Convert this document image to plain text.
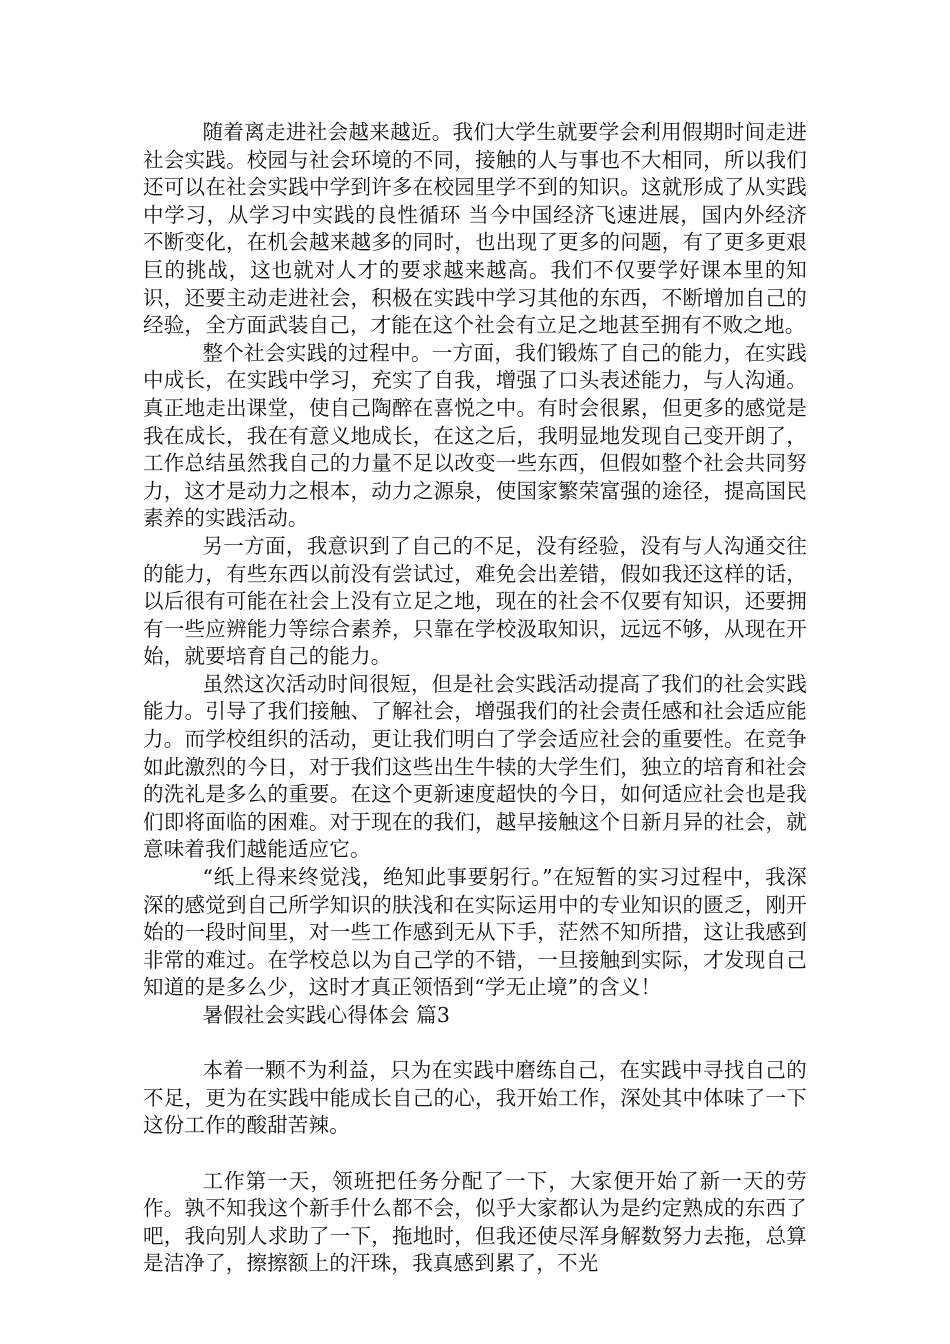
随着离走进社会越来越近。我们大学生就要学会利用假期时间走进社会实践。校园与社会环境的不同，接触的人与事也不大相同，所以我们还可以在社会实践中学到许多在校园里学不到的知识。这就形成了从实践中学习，从学习中实践的良性循环 当今中国经济飞速进展，国内外经济不断变化，在机会越来越多的同时，也出现了更多的问题，有了更多更艰巨的挑战，这也就对人才的要求越来越高。我们不仅要学好课本里的知识，还要主动走进社会，积极在实践中学习其他的东西，不断增加自己的经验，全方面武装自己，才能在这个社会有立足之地甚至拥有不败之地。

整个社会实践的过程中。一方面，我们锻炼了自己的能力，在实践中成长，在实践中学习，充实了自我，增强了口头表述能力，与人沟通。真正地走出课堂，使自己陶醉在喜悦之中。有时会很累，但更多的感觉是我在成长，我在有意义地成长，在这之后，我明显地发现自己变开朗了，工作总结虽然我自己的力量不足以改变一些东西，但假如整个社会共同努力，这才是动力之根本，动力之源泉，使国家繁荣富强的途径，提高国民素养的实践活动。

另一方面，我意识到了自己的不足，没有经验，没有与人沟通交往的能力，有些东西以前没有尝试过，难免会出差错，假如我还这样的话，以后很有可能在社会上没有立足之地，现在的社会不仅要有知识，还要拥有一些应辨能力等综合素养，只靠在学校汲取知识，远远不够，从现在开始，就要培育自己的能力。

虽然这次活动时间很短，但是社会实践活动提高了我们的社会实践能力。引导了我们接触、了解社会，增强我们的社会责任感和社会适应能力。而学校组织的活动，更让我们明白了学会适应社会的重要性。在竞争如此激烈的今日，对于我们这些出生牛犊的大学生们，独立的培育和社会的洗礼是多么的重要。在这个更新速度超快的今日，如何适应社会也是我们即将面临的困难。对于现在的我们，越早接触这个日新月异的社会，就意味着我们越能适应它。

“纸上得来终觉浅，绝知此事要躬行。”在短暂的实习过程中，我深深的感觉到自己所学知识的肤浅和在实际运用中的专业知识的匮乏，刚开始的一段时间里，对一些工作感到无从下手，茫然不知所措，这让我感到非常的难过。在学校总以为自己学的不错，一旦接触到实际，才发现自己知道的是多么少，这时才真正领悟到“学无止境”的含义！

暑假社会实践心得体会 篇3

本着一颗不为利益，只为在实践中磨练自己，在实践中寻找自己的不足，更为在实践中能成长自己的心，我开始工作，深处其中体味了一下这份工作的酸甜苦辣。

工作第一天，领班把任务分配了一下，大家便开始了新一天的劳作。孰不知我这个新手什么都不会，似乎大家都认为是约定熟成的东西了吧，我向别人求助了一下，拖地时，但我还使尽浑身解数努力去拖，总算是洁净了，擦擦额上的汗珠，我真感到累了，不光
